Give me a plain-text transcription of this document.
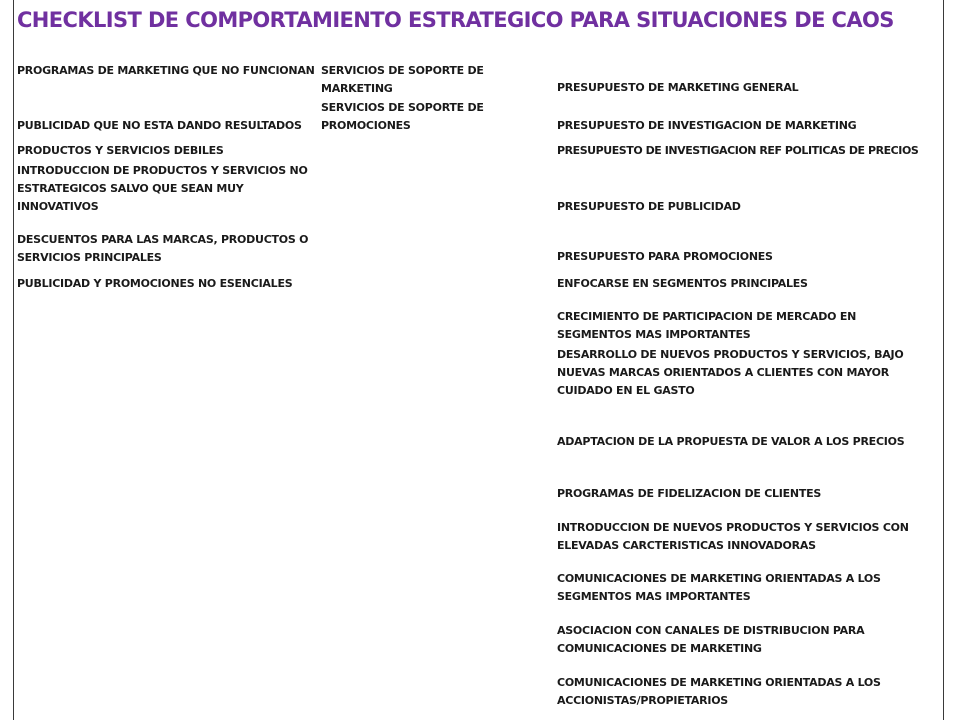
CHECKLIST DE COMPORTAMIENTO ESTRATEGICO PARA SITUACIONES DE CAOS
PROGRAMAS DE MARKETING QUE NO FUNCIONAN
PUBLICIDAD QUE NO ESTA DANDO RESULTADOS
PRODUCTOS Y SERVICIOS DEBILES
INTRODUCCION DE PRODUCTOS Y SERVICIOS NO ESTRATEGICOS SALVO QUE SEAN MUY INNOVATIVOS
DESCUENTOS PARA LAS MARCAS, PRODUCTOS O SERVICIOS PRINCIPALES
PUBLICIDAD Y PROMOCIONES NO ESENCIALES
SERVICIOS DE SOPORTE DE MARKETING
SERVICIOS DE SOPORTE DE PROMOCIONES
PRESUPUESTO DE MARKETING GENERAL
PRESUPUESTO DE INVESTIGACION DE MARKETING
PRESUPUESTO DE INVESTIGACION REF POLITICAS DE PRECIOS
PRESUPUESTO DE PUBLICIDAD
PRESUPUESTO PARA PROMOCIONES
ENFOCARSE EN SEGMENTOS PRINCIPALES
CRECIMIENTO DE PARTICIPACION DE MERCADO EN SEGMENTOS MAS IMPORTANTES
DESARROLLO DE NUEVOS PRODUCTOS Y SERVICIOS, BAJO NUEVAS MARCAS ORIENTADOS A CLIENTES CON MAYOR CUIDADO EN EL GASTO
ADAPTACION DE LA PROPUESTA DE VALOR A LOS PRECIOS
PROGRAMAS DE FIDELIZACION DE CLIENTES
INTRODUCCION DE NUEVOS PRODUCTOS Y SERVICIOS CON ELEVADAS CARCTERISTICAS INNOVADORAS
COMUNICACIONES DE MARKETING ORIENTADAS A LOS SEGMENTOS MAS IMPORTANTES
ASOCIACION CON CANALES DE DISTRIBUCION PARA COMUNICACIONES DE MARKETING
COMUNICACIONES DE MARKETING ORIENTADAS A LOS ACCIONISTAS/PROPIETARIOS
